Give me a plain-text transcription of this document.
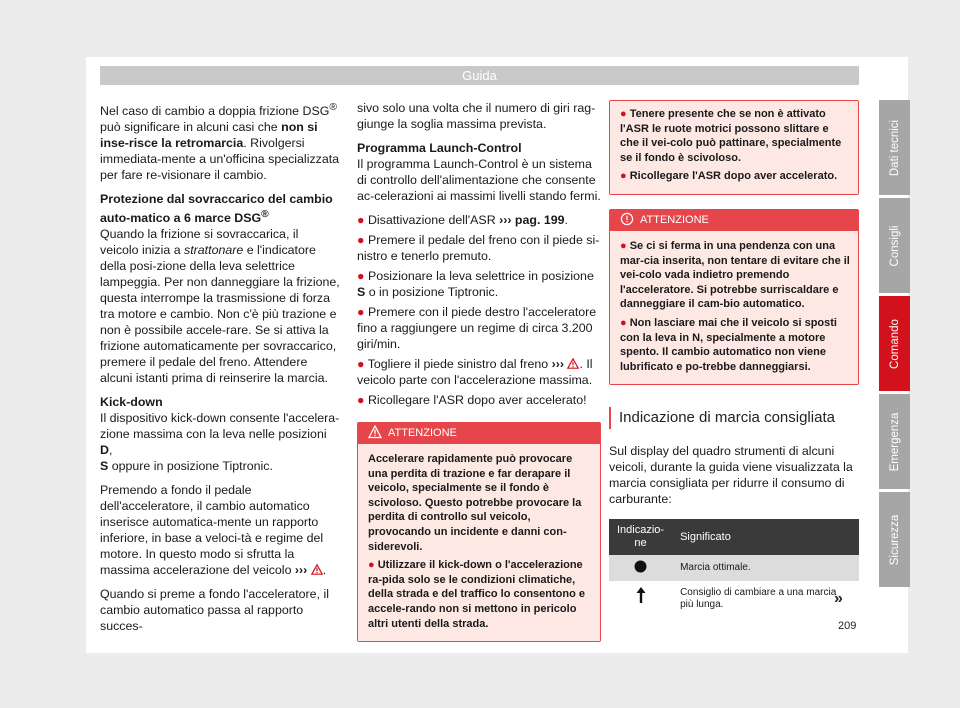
Guida

Nel caso di cambio a doppia frizione DSG® può significare in alcuni casi che non si inse-risce la retromarcia. Rivolgersi immediata-mente a un'officina specializzata per fare re-visionare il cambio.

Protezione dal sovraccarico del cambio auto-matico a 6 marce DSG®

Quando la frizione si sovraccarica, il veicolo inizia a strattonare e l'indicatore della posi-zione della leva selettrice lampeggia. Per non danneggiare la frizione, questa interrompe la trasmissione di forza tra motore e cambio. Non c'è più trazione e non è possibile accele-rare. Se si attiva la frizione automaticamente per sovraccarico, premere il pedale del freno. Attendere alcuni istanti prima di reinserire la marcia.

Kick-down

Il dispositivo kick-down consente l'accelera-zione massima con la leva nelle posizioni D,
S oppure in posizione Tiptronic.

Premendo a fondo il pedale dell'acceleratore, il cambio automatico inserisce automatica-mente un rapporto inferiore, in base a veloci-tà e regime del motore. In questo modo si sfrutta la massima accelerazione del veicolo ››› .

Quando si preme a fondo l'acceleratore, il cambio automatico passa al rapporto succes-

sivo solo una volta che il numero di giri rag-giunge la soglia massima prevista.

Programma Launch-Control

Il programma Launch-Control è un sistema di controllo dell'alimentazione che consente ac-celerazioni ai massimi livelli stando fermi.

● Disattivazione dell'ASR ››› pag. 199.

● Premere il pedale del freno con il piede si-nistro e tenerlo premuto.

● Posizionare la leva selettrice in posizione S o in posizione Tiptronic.

● Premere con il piede destro l'acceleratore fino a raggiungere un regime di circa 3.200 giri/min.

● Togliere il piede sinistro dal freno ››› . Il veicolo parte con l'accelerazione massima.

● Ricollegare l'ASR dopo aver accelerato!

ATTENZIONE

Accelerare rapidamente può provocare una perdita di trazione e far derapare il veicolo, specialmente se il fondo è scivoloso. Questo potrebbe provocare la perdita di controllo sul veicolo, provocando un incidente e danni con-siderevoli.

● Utilizzare il kick-down o l'accelerazione ra-pida solo se le condizioni climatiche, della strada e del traffico lo consentono e accele-rando non si mettono in pericolo altri utenti della strada.

● Tenere presente che se non è attivato l'ASR le ruote motrici possono slittare e che il vei-colo può pattinare, specialmente se il fondo è scivoloso.

● Ricollegare l'ASR dopo aver accelerato.

ATTENZIONE

● Se ci si ferma in una pendenza con una mar-cia inserita, non tentare di evitare che il vei-colo vada indietro premendo l'acceleratore. Si potrebbe surriscaldare e danneggiare il cam-bio automatico.

● Non lasciare mai che il veicolo si sposti con la leva in N, specialmente a motore spento. Il cambio automatico non viene lubrificato e po-trebbe danneggiarsi.

Indicazione di marcia consigliata

Sul display del quadro strumenti di alcuni veicoli, durante la guida viene visualizzata la marcia consigliata per ridurre il consumo di carburante:

Indicazio-ne	Significato
	Marcia ottimale.
	Consiglio di cambiare a una marcia più lunga.	»
209
Dati tecnici
Consigli
Comando
Emergenza
Sicurezza
